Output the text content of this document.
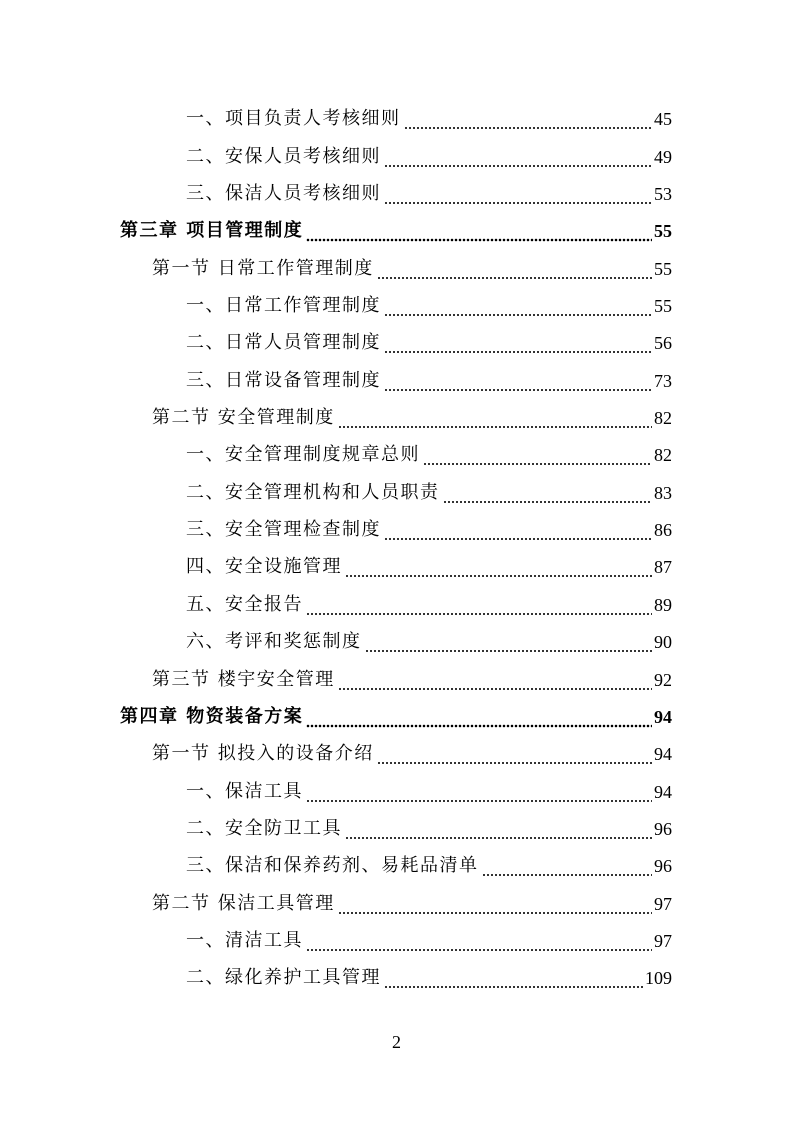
一、项目负责人考核细则	45
二、安保人员考核细则	49
三、保洁人员考核细则	53
第三章 项目管理制度	55
第一节 日常工作管理制度	55
一、日常工作管理制度	55
二、日常人员管理制度	56
三、日常设备管理制度	73
第二节 安全管理制度	82
一、安全管理制度规章总则	82
二、安全管理机构和人员职责	83
三、安全管理检查制度	86
四、安全设施管理	87
五、安全报告	89
六、考评和奖惩制度	90
第三节 楼宇安全管理	92
第四章 物资装备方案	94
第一节 拟投入的设备介绍	94
一、保洁工具	94
二、安全防卫工具	96
三、保洁和保养药剂、易耗品清单	96
第二节 保洁工具管理	97
一、清洁工具	97
二、绿化养护工具管理	109
2
